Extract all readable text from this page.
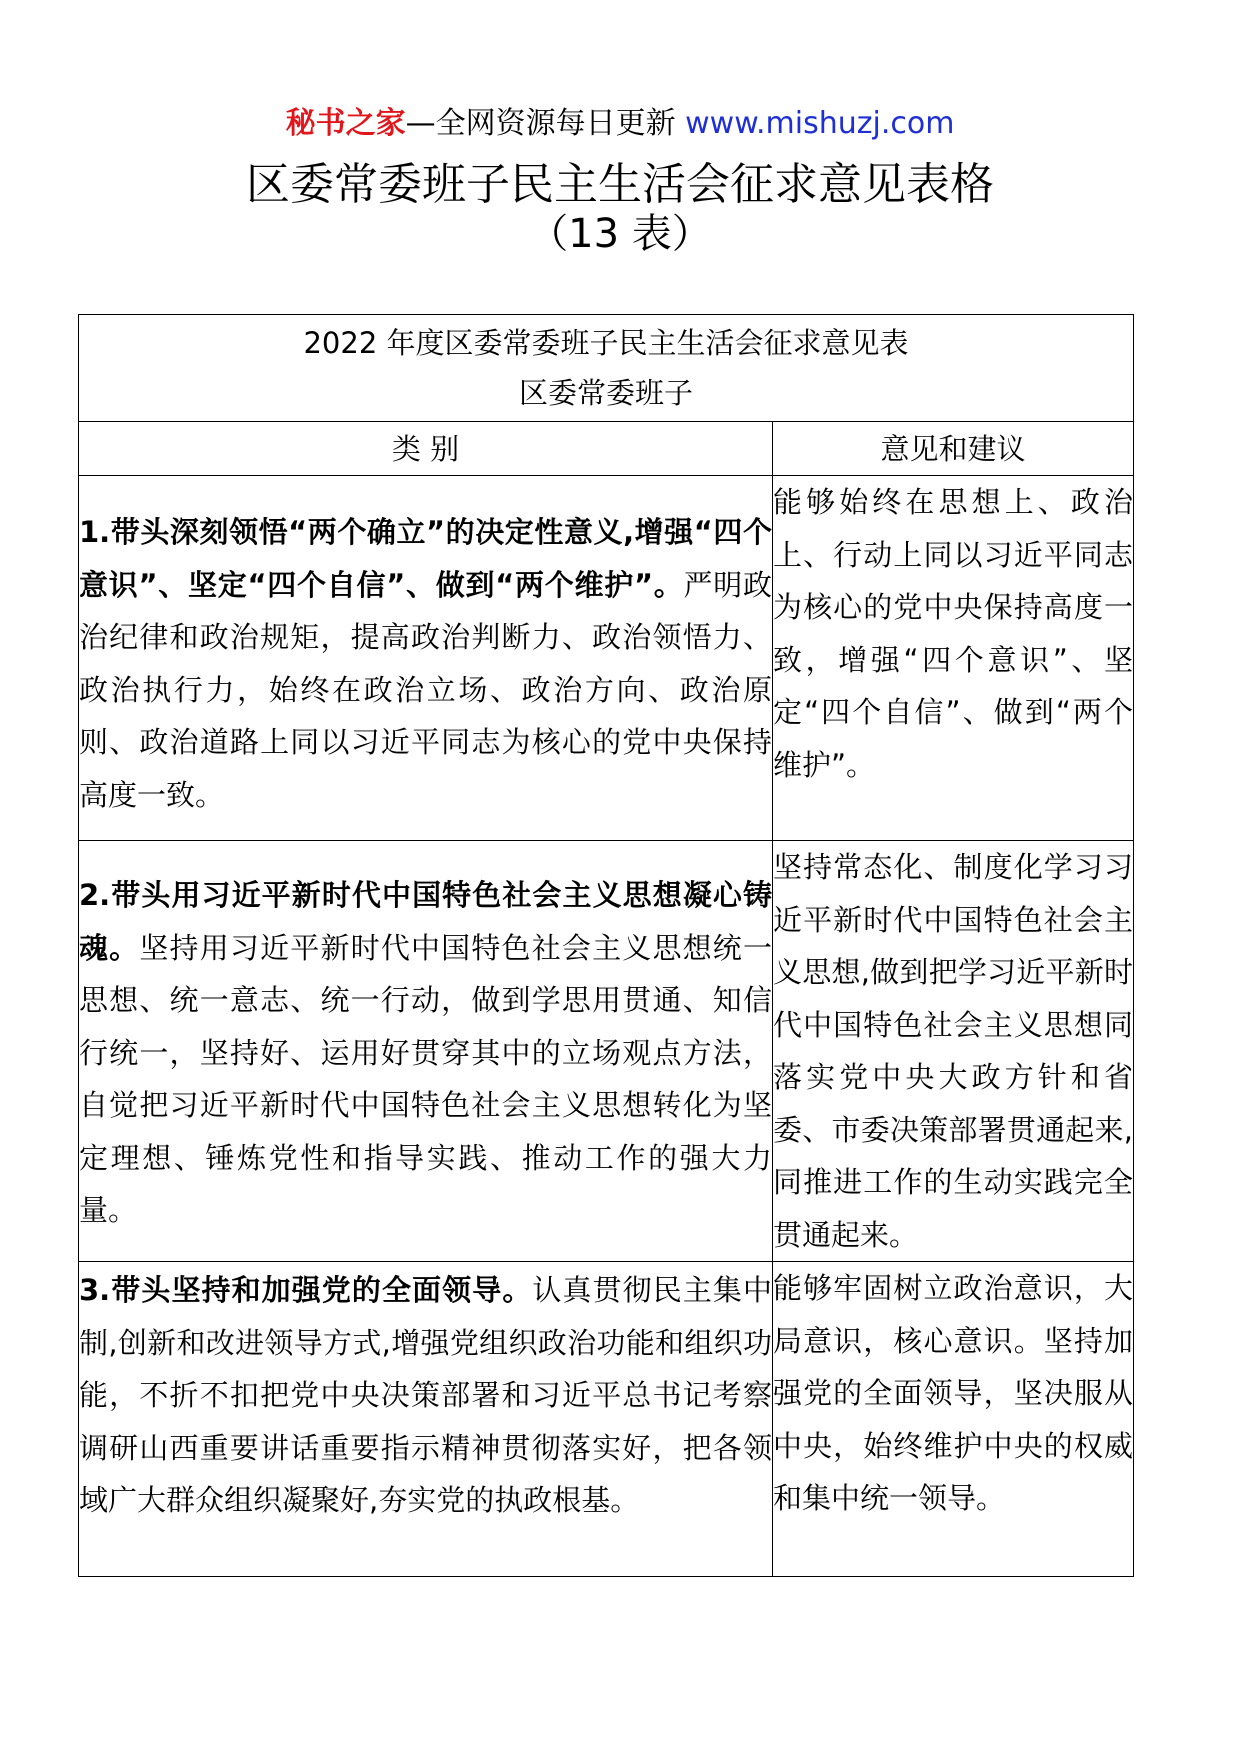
秘书之家—全网资源每日更新 www.mishuzj.com
区委常委班子民主生活会征求意见表格
（13 表）
2022 年度区委常委班子民主生活会征求意见表
区委常委班子	

类 别	意见和建议

1.带头深刻领悟“两个确立”的决定性意义,增强“四个意识”、坚定“四个自信”、做到“两个维护”。严明政治纪律和政治规矩，提高政治判断力、政治领悟力、政治执行力，始终在政治立场、政治方向、政治原则、政治道路上同以习近平同志为核心的党中央保持高度一致。	能够始终在思想上、政治上、行动上同以习近平同志为核心的党中央保持高度一致，增强“四个意识”、坚定“四个自信”、做到“两个维护”。

2.带头用习近平新时代中国特色社会主义思想凝心铸魂。坚持用习近平新时代中国特色社会主义思想统一思想、统一意志、统一行动，做到学思用贯通、知信行统一，坚持好、运用好贯穿其中的立场观点方法，自觉把习近平新时代中国特色社会主义思想转化为坚定理想、锤炼党性和指导实践、推动工作的强大力量。	坚持常态化、制度化学习习近平新时代中国特色社会主义思想,做到把学习近平新时代中国特色社会主义思想同落实党中央大政方针和省委、市委决策部署贯通起来,同推进工作的生动实践完全贯通起来。

3.带头坚持和加强党的全面领导。认真贯彻民主集中制,创新和改进领导方式,增强党组织政治功能和组织功能，不折不扣把党中央决策部署和习近平总书记考察调研山西重要讲话重要指示精神贯彻落实好，把各领域广大群众组织凝聚好,夯实党的执政根基。	能够牢固树立政治意识，大局意识，核心意识。坚持加强党的全面领导，坚决服从中央，始终维护中央的权威和集中统一领导。
